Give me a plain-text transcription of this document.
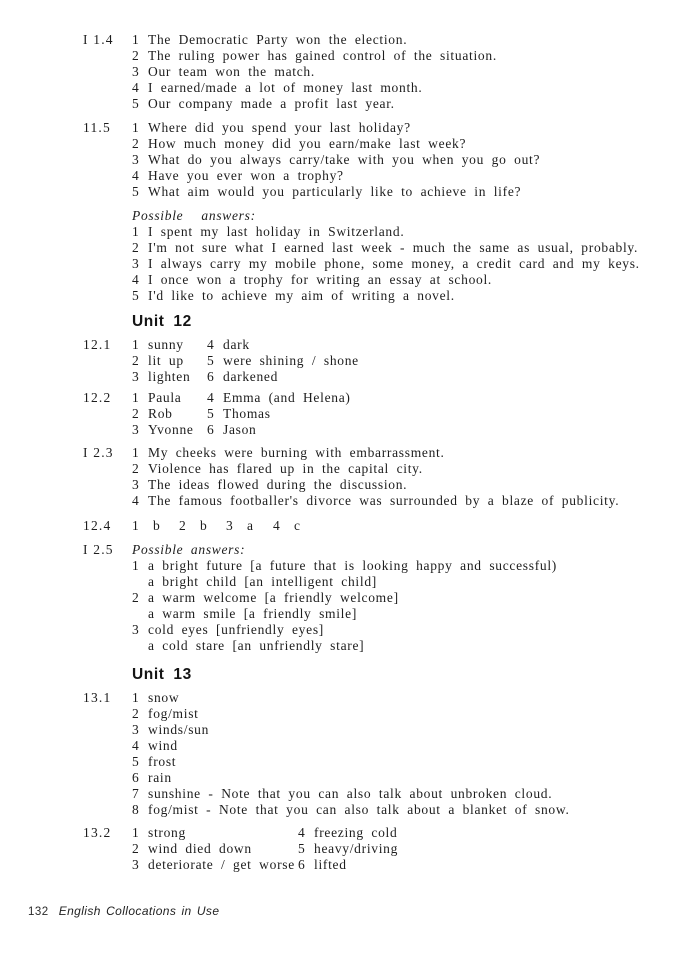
I 1.4	1 The Democratic Party won the election.
2 The ruling power has gained control of the situation.
3 Our team won the match.
4 I earned/made a lot of money last month.
5 Our company made a profit last year.
11.5	1 Where did you spend your last holiday?
2 How much money did you earn/make last week?
3 What do you always carry/take with you when you go out?
4 Have you ever won a trophy?
5 What aim would you particularly like to achieve in life?
Possible answers:
1 I spent my last holiday in Switzerland.
2 I'm not sure what I earned last week - much the same as usual, probably.
3 I always carry my mobile phone, some money, a credit card and my keys.
4 I once won a trophy for writing an essay at school.
5 I'd like to achieve my aim of writing a novel.
Unit 12
12.1	1 sunny	4 dark
2 lit up	5 were shining / shone
3 lighten	6 darkened
12.2	1 Paula	4 Emma (and Helena)
2 Rob	5 Thomas
3 Yvonne 6 Jason
I 2.3	1 My cheeks were burning with embarrassment.
2 Violence has flared up in the capital city.
3 The ideas flowed during the discussion.
4 The famous footballer's divorce was surrounded by a blaze of publicity.
12.4	1	b 2	b 3	a 4	c
I 2.5	Possible answers:
1 a bright future [a future that is looking happy and successful)
a bright child [an intelligent child]
2 a warm welcome [a friendly welcome]
a warm smile [a friendly smile]
3 cold eyes [unfriendly eyes]
a cold stare [an unfriendly stare]
Unit 13
13.1	1 snow
2 fog/mist
3 winds/sun
4 wind
5 frost
6 rain
7 sunshine - Note that you can also talk about unbroken cloud.
8 fog/mist - Note that you can also talk about a blanket of snow.
13.2	1 strong	4 freezing cold
2 wind died down	5 heavy/driving
3 deteriorate / get worse 6 lifted
132 English Collocations in Use
